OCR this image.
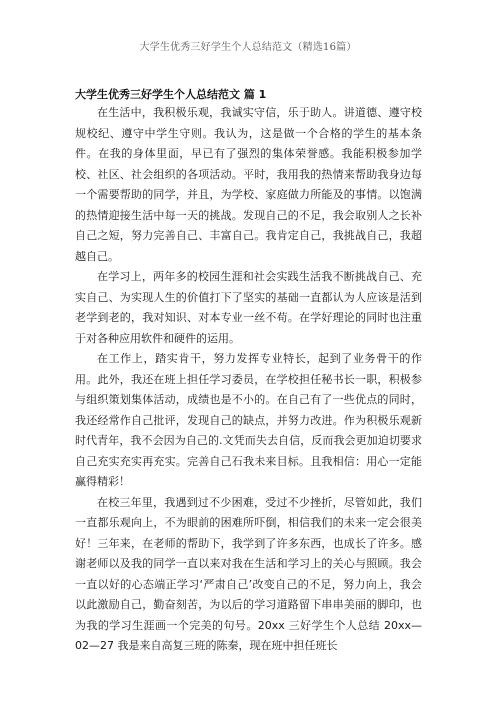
大学生优秀三好学生个人总结范文（精选16篇）
大学生优秀三好学生个人总结范文 篇 1

在生活中，我积极乐观，我诚实守信，乐于助人。讲道德、遵守校规校纪、遵守中学生守则。我认为，这是做一个合格的学生的基本条件。在我的身体里面，早已有了强烈的集体荣誉感。我能积极参加学校、社区、社会组织的各项活动。平时，我用我的热情来帮助我身边每一个需要帮助的同学，并且，为学校、家庭做力所能及的事情。以饱满的热情迎接生活中每一天的挑战。发现自己的不足，我会取别人之长补自己之短，努力完善自己、丰富自己。我肯定自己，我挑战自己，我超越自己。

在学习上，两年多的校园生涯和社会实践生活我不断挑战自己、充实自己、为实现人生的价值打下了坚实的基础一直都认为人应该是活到老学到老的，我对知识、对本专业一丝不苟。在学好理论的同时也注重于对各种应用软件和硬件的运用。

在工作上，踏实肯干，努力发挥专业特长，起到了业务骨干的作用。此外，我还在班上担任学习委员，在学校担任秘书长一职，积极参与组织策划集体活动，成绩也是不小的。在自己有了一些优点的同时，我还经常作自己批评，发现自己的缺点，并努力改进。作为积极乐观新时代青年，我不会因为自己的.文凭而失去自信，反而我会更加迫切要求自己充实充实再充实。完善自己石我未来目标。且我相信：用心一定能赢得精彩！

在校三年里，我遇到过不少困难，受过不少挫折，尽管如此，我们一直都乐观向上，不为眼前的困难所吓倒，相信我们的未来一定会很美好！三年来，在老师的帮助下，我学到了许多东西，也成长了许多。感谢老师以及我的同学一直以来对我在生活和学习上的关心与照顾。我会一直以好的心态端正学习‘严肃自己’改变自己的不足，努力向上，我会以此激励自己，勤奋刻苦，为以后的学习道路留下串串美丽的脚印，也为我的学习生涯画一个完美的句号。20xx 三好学生个人总结 20xx—02—27 我是来自高复三班的陈秦，现在班中担任班长
